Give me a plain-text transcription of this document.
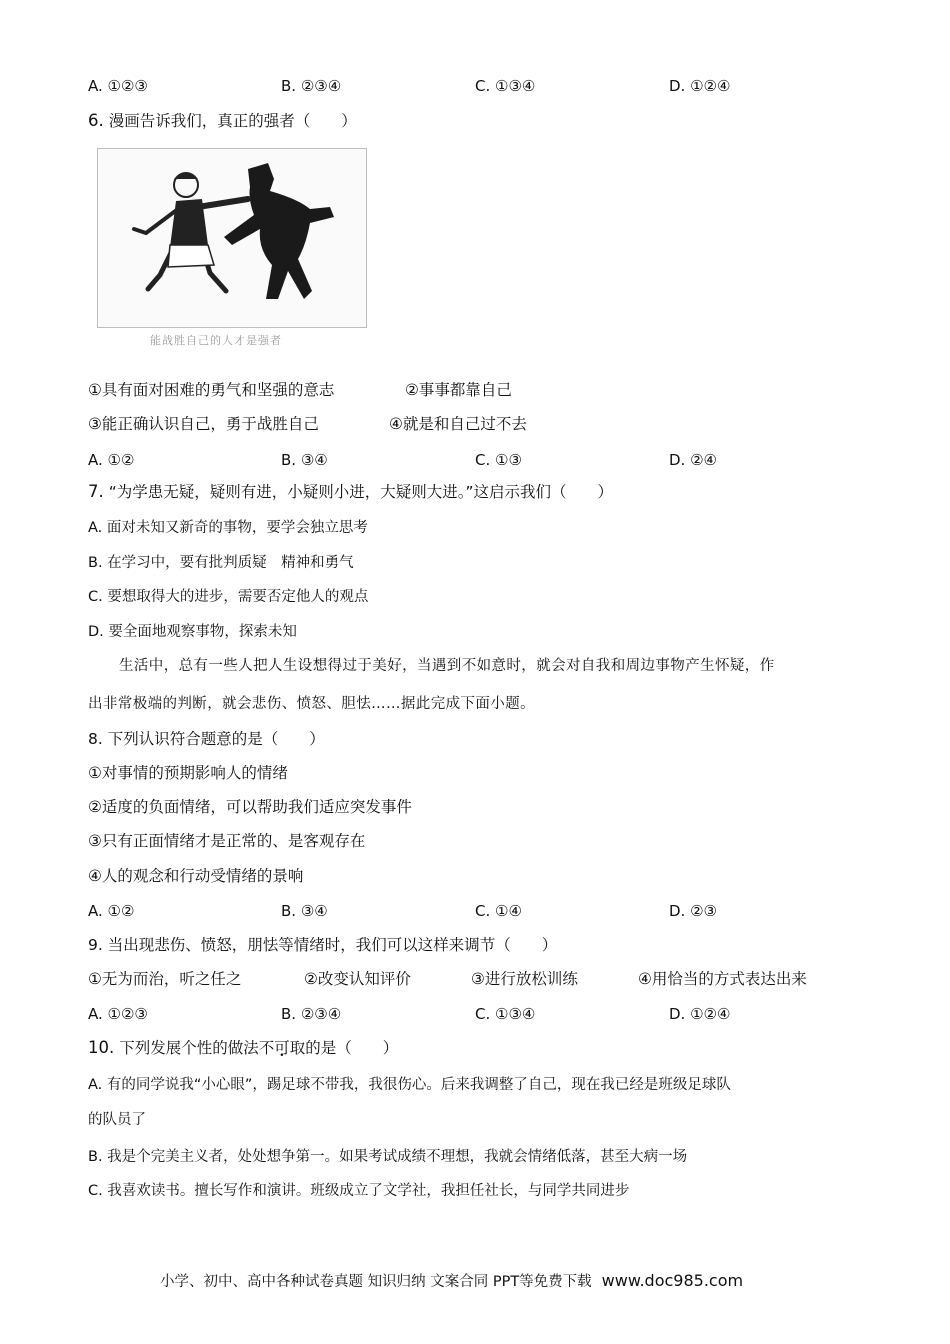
A. ①②③	B. ②③④	C. ①③④	D. ①②④
6. 漫画告诉我们，真正的强者（　　）
能战胜自己的人才是强者
①具有面对困难的勇气和坚强的意志	②事事都靠自己
③能正确认识自己，勇于战胜自己	④就是和自己过不去
A. ①②	B. ③④	C. ①③	D. ②④
7. “为学患无疑，疑则有进，小疑则小进，大疑则大进。”这启示我们（　　）
A. 面对未知又新奇的事物，要学会独立思考
B. 在学习中，要有批判质疑　精神和勇气
C. 要想取得大的进步，需要否定他人的观点
D. 要全面地观察事物，探索未知
生活中，总有一些人把人生设想得过于美好，当遇到不如意时，就会对自我和周边事物产生怀疑，作
出非常极端的判断，就会悲伤、愤怒、胆怯……据此完成下面小题。
8. 下列认识符合题意的是（　　）
①对事情的预期影响人的情绪
②适度的负面情绪，可以帮助我们适应突发事件
③只有正面情绪才是正常的、是客观存在
④人的观念和行动受情绪的景响
A. ①②	B. ③④	C. ①④	D. ②③
9. 当出现悲伤、愤怒，朋怯等情绪时，我们可以这样来调节（　　）
①无为而治，听之任之	②改变认知评价	③进行放松训练	④用恰当的方式表达出来
A. ①②③	B. ②③④	C. ①③④	D. ①②④
10. 下列发展个性的做法不可取的是（　　）
A. 有的同学说我“小心眼”，踢足球不带我，我很伤心。后来我调整了自己，现在我已经是班级足球队
的队员了
B. 我是个完美主义者，处处想争第一。如果考试成绩不理想，我就会情绪低落，甚至大病一场
C. 我喜欢读书。擅长写作和演讲。班级成立了文学社，我担任社长，与同学共同进步
小学、初中、高中各种试卷真题 知识归纳 文案合同 PPT等免费下载 www.doc985.com
